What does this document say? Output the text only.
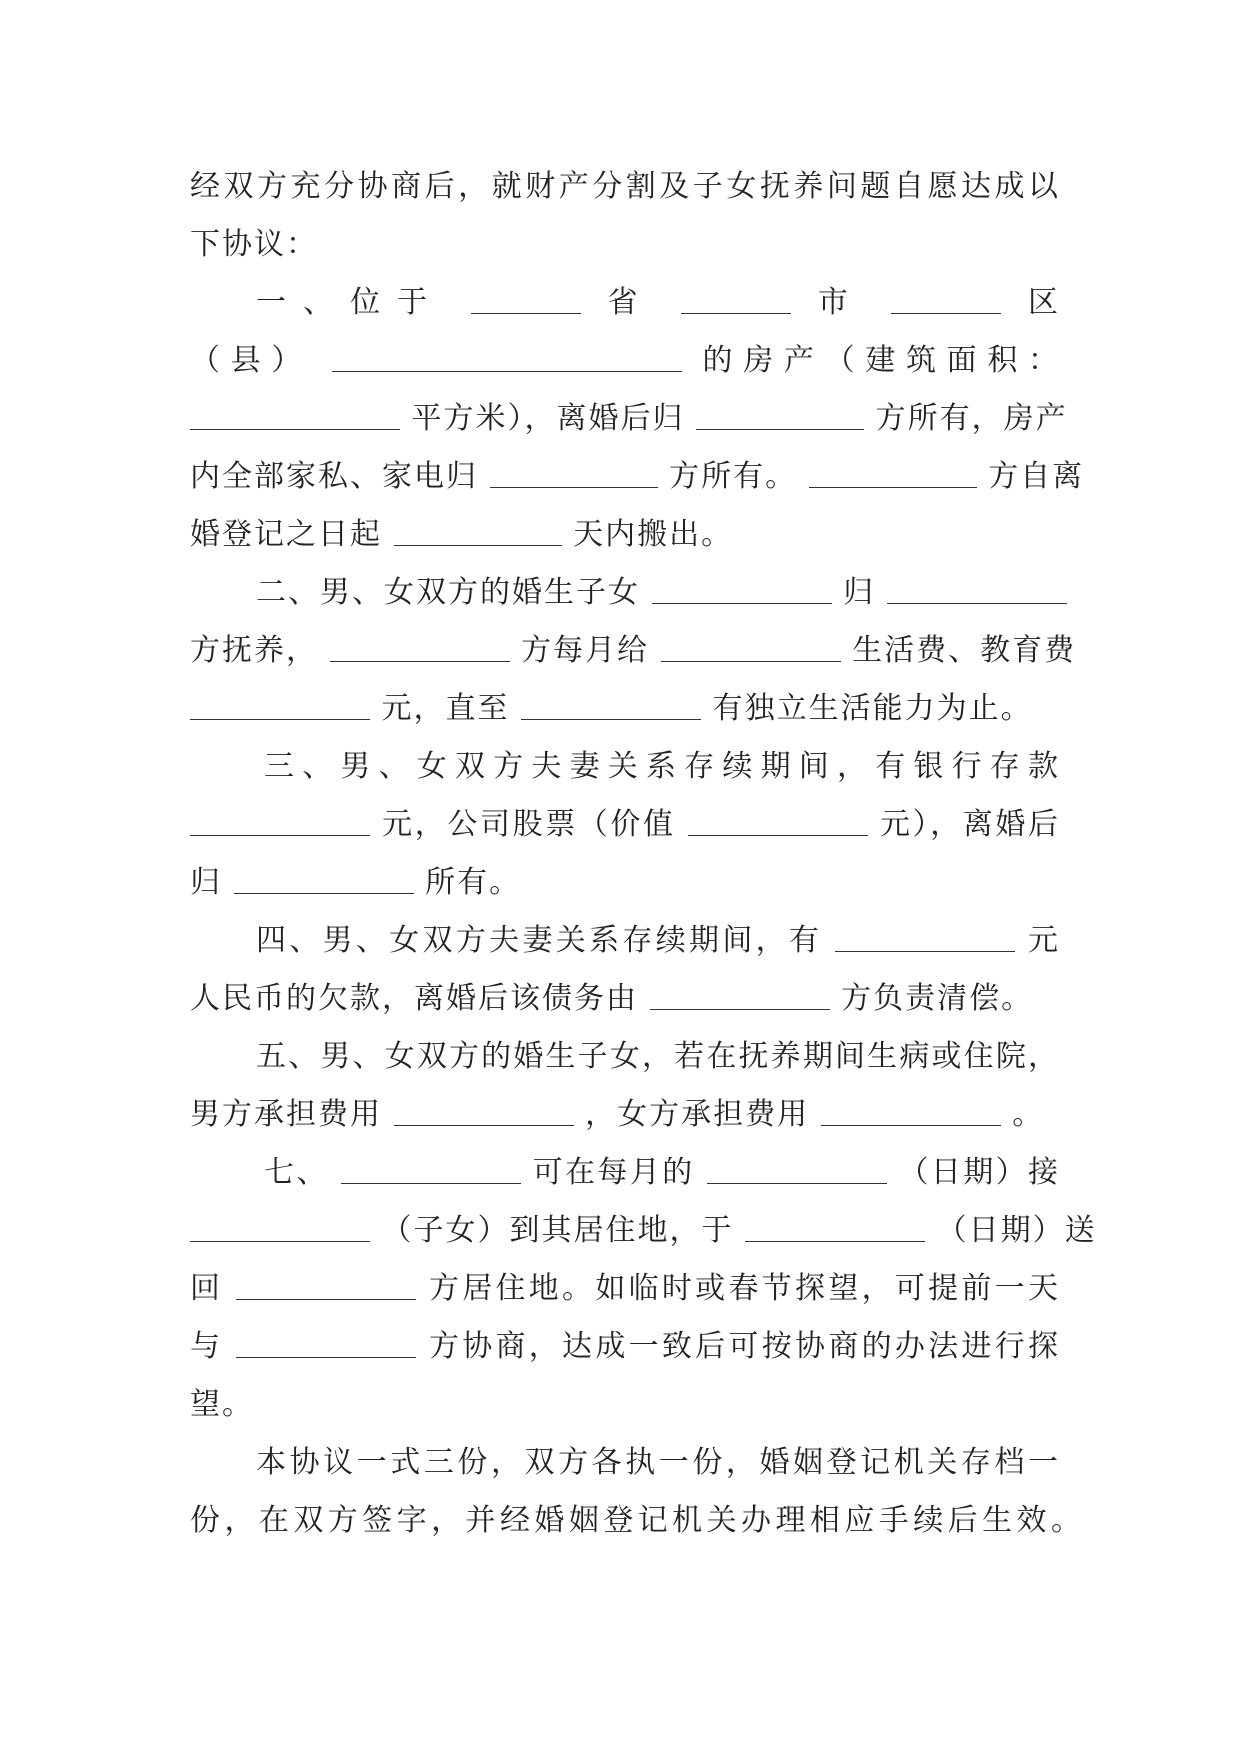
经双方充分协商后，就财产分割及子女抚养问题自愿达成以
下协议：
一、位于	省	市	区
（县）	的房产（建筑面积：
平方米），离婚后归	方所有，房产
内全部家私、家电归	方所有。	方自离
婚登记之日起	天内搬出。
二、男、女双方的婚生子女	归
方抚养，	方每月给	生活费、教育费
元，直至	有独立生活能力为止。
三、男、女双方夫妻关系存续期间，有银行存款
元，公司股票（价值	元），离婚后
归	所有。
四、男、女双方夫妻关系存续期间，有	元
人民币的欠款，离婚后该债务由	方负责清偿。
五、男、女双方的婚生子女，若在抚养期间生病或住院，
男方承担费用	，女方承担费用	。
七、	可在每月的	（日期）接
（子女）到其居住地，于	（日期）送
回	方居住地。如临时或春节探望，可提前一天
与	方协商，达成一致后可按协商的办法进行探
望。
本协议一式三份，双方各执一份，婚姻登记机关存档一
份，在双方签字，并经婚姻登记机关办理相应手续后生效。
